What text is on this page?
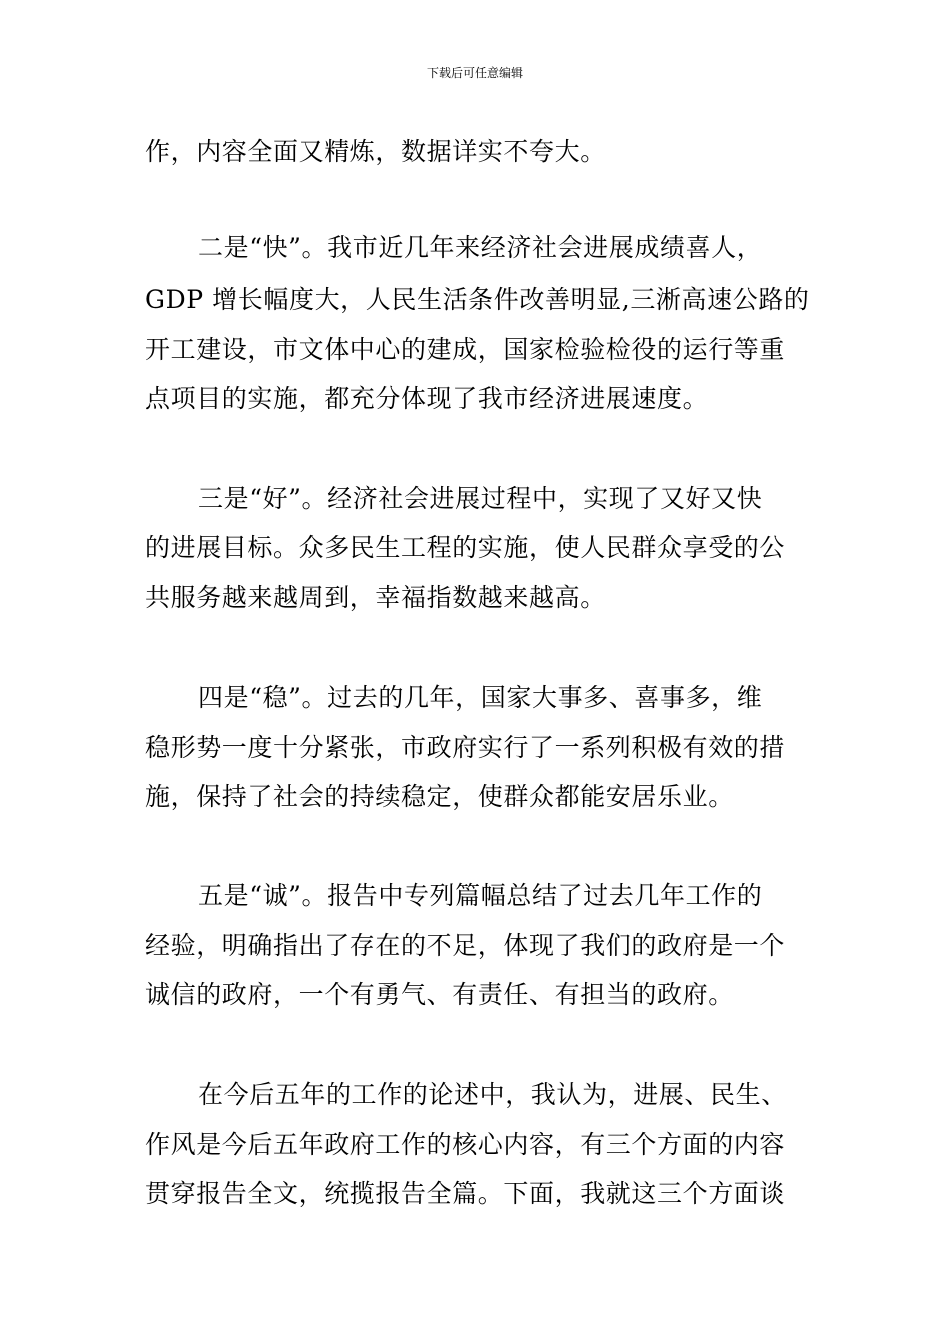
下载后可任意编辑
作，内容全面又精炼，数据详实不夸大。
二是“快”。我市近几年来经济社会进展成绩喜人，
GDP 增长幅度大，人民生活条件改善明显,三淅高速公路的
开工建设，市文体中心的建成，国家检验检役的运行等重
点项目的实施，都充分体现了我市经济进展速度。
三是“好”。经济社会进展过程中，实现了又好又快
的进展目标。众多民生工程的实施，使人民群众享受的公
共服务越来越周到，幸福指数越来越高。
四是“稳”。过去的几年，国家大事多、喜事多，维
稳形势一度十分紧张，市政府实行了一系列积极有效的措
施，保持了社会的持续稳定，使群众都能安居乐业。
五是“诚”。报告中专列篇幅总结了过去几年工作的
经验，明确指出了存在的不足，体现了我们的政府是一个
诚信的政府，一个有勇气、有责任、有担当的政府。
在今后五年的工作的论述中，我认为，进展、民生、
作风是今后五年政府工作的核心内容，有三个方面的内容
贯穿报告全文，统揽报告全篇。下面，我就这三个方面谈
